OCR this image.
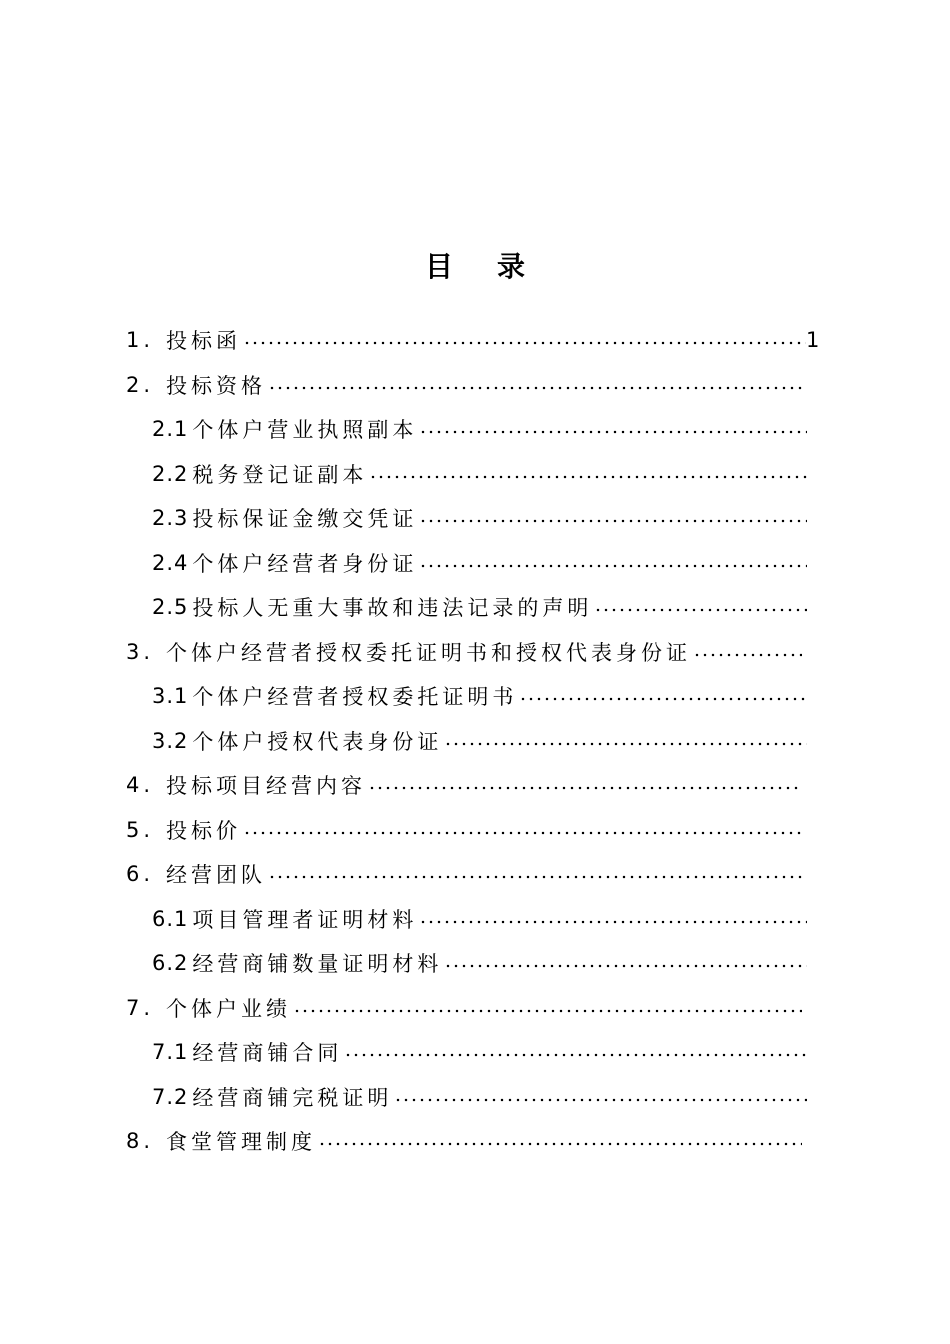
目 录
1. 投标函	1
2. 投标资格
2.1 个体户营业执照副本
2.2 税务登记证副本
2.3 投标保证金缴交凭证
2.4 个体户经营者身份证
2.5 投标人无重大事故和违法记录的声明
3. 个体户经营者授权委托证明书和授权代表身份证
3.1 个体户经营者授权委托证明书
3.2 个体户授权代表身份证
4. 投标项目经营内容
5. 投标价
6. 经营团队
6.1 项目管理者证明材料
6.2 经营商铺数量证明材料
7. 个体户业绩
7.1 经营商铺合同
7.2 经营商铺完税证明
8. 食堂管理制度
